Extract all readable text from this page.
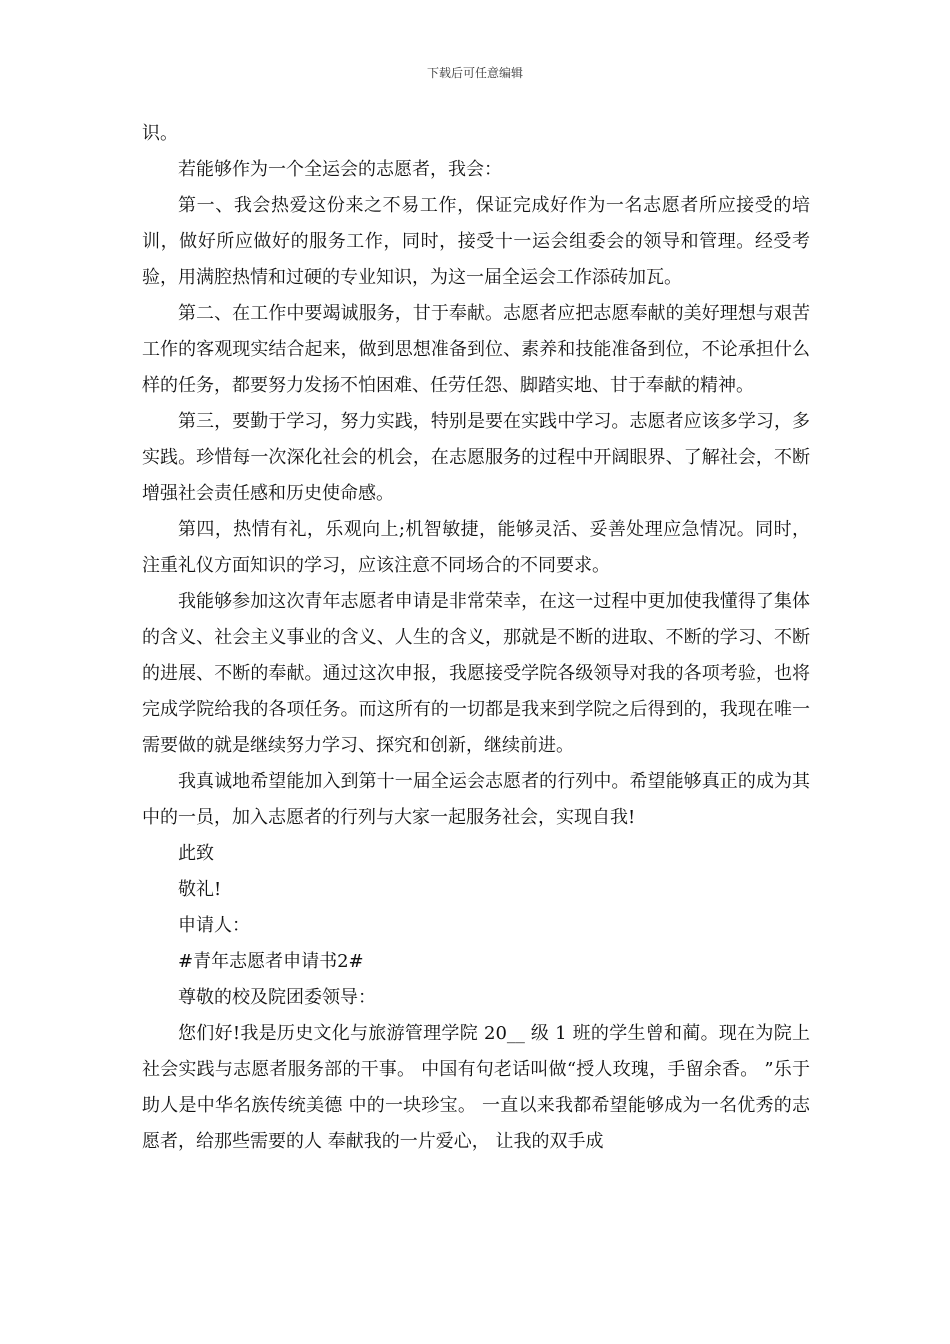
下载后可任意编辑

识。

若能够作为一个全运会的志愿者，我会：

第一、我会热爱这份来之不易工作，保证完成好作为一名志愿者所应接受的培训，做好所应做好的服务工作，同时，接受十一运会组委会的领导和管理。经受考验，用满腔热情和过硬的专业知识，为这一届全运会工作添砖加瓦。

第二、在工作中要竭诚服务，甘于奉献。志愿者应把志愿奉献的美好理想与艰苦工作的客观现实结合起来，做到思想准备到位、素养和技能准备到位，不论承担什么样的任务，都要努力发扬不怕困难、任劳任怨、脚踏实地、甘于奉献的精神。

第三，要勤于学习，努力实践，特别是要在实践中学习。志愿者应该多学习，多实践。珍惜每一次深化社会的机会，在志愿服务的过程中开阔眼界、了解社会，不断增强社会责任感和历史使命感。

第四，热情有礼，乐观向上;机智敏捷，能够灵活、妥善处理应急情况。同时，注重礼仪方面知识的学习，应该注意不同场合的不同要求。

我能够参加这次青年志愿者申请是非常荣幸，在这一过程中更加使我懂得了集体的含义、社会主义事业的含义、人生的含义，那就是不断的进取、不断的学习、不断的进展、不断的奉献。通过这次申报，我愿接受学院各级领导对我的各项考验，也将完成学院给我的各项任务。而这所有的一切都是我来到学院之后得到的，我现在唯一需要做的就是继续努力学习、探究和创新，继续前进。

我真诚地希望能加入到第十一届全运会志愿者的行列中。希望能够真正的成为其中的一员，加入志愿者的行列与大家一起服务社会，实现自我!

此致

敬礼!

申请人：

#青年志愿者申请书2#

尊敬的校及院团委领导：

您们好!我是历史文化与旅游管理学院 20__ 级 1 班的学生曾和蔺。现在为院上社会实践与志愿者服务部的干事。 中国有句老话叫做“授人玫瑰，手留余香。 ”乐于助人是中华名族传统美德 中的一块珍宝。 一直以来我都希望能够成为一名优秀的志愿者，给那些需要的人 奉献我的一片爱心， 让我的双手成
